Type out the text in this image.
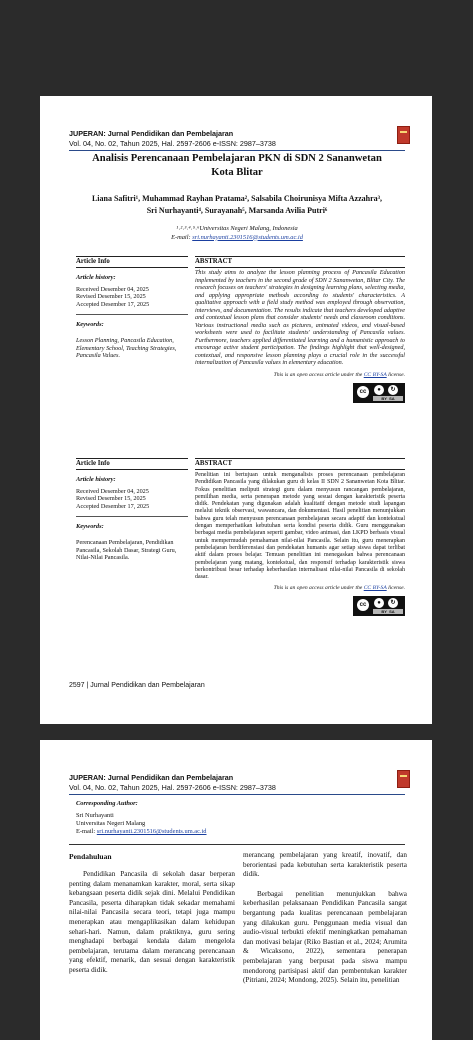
JUPERAN: Jurnal Pendidikan dan Pembelajaran
Vol. 04, No. 02, Tahun 2025, Hal. 2597-2606 e-ISSN: 2987–3738
Analisis Perencanaan Pembelajaran PKN di SDN 2 Sananwetan Kota Blitar
Liana Safitri¹, Muhammad Rayhan Pratama², Salsabila Choirunisya Mifta Azzahra³,
Sri Nurhayanti⁴, Surayanah⁵, Marsanda Avilia Putri⁶
¹˒²˒³˒⁴˒⁵˒⁶Universitas Negeri Malang, Indonesia
E-mail: sri.nurhayanti.2301516@students.um.ac.id
Article Info
Article history:
Received Desember 04, 2025
Revised Desember 15, 2025
Accepted Desember 17, 2025
Keywords:
Lesson Planning, Pancasila Education, Elementary School, Teaching Strategies, Pancasila Values.
ABSTRACT
This study aims to analyze the lesson planning process of Pancasila Education implemented by teachers in the second grade of SDN 2 Sananwetan, Blitar City. The research focuses on teachers' strategies in designing learning plans, selecting media, and applying appropriate methods according to students' characteristics. A qualitative approach with a field study method was employed through observation, interviews, and documentation. The results indicate that teachers developed adaptive and contextual lesson plans that consider students' needs and classroom conditions. Various instructional media such as pictures, animated videos, and visual-based worksheets were used to facilitate students' understanding of Pancasila values. Furthermore, teachers applied differentiated learning and a humanistic approach to encourage active student participation. The findings highlight that well-designed, contextual, and responsive lesson planning plays a crucial role in the successful internalization of Pancasila values in elementary education.
This is an open access article under the CC BY-SA license.
cc	●	↻
BY SA
Article Info
Article history:
Received Desember 04, 2025
Revised Desember 15, 2025
Accepted Desember 17, 2025
Keywords:
Perencanaan Pembelajaran, Pendidikan Pancasila, Sekolah Dasar, Strategi Guru, Nilai-Nilai Pancasila.
ABSTRACT
Penelitian ini bertujuan untuk menganalisis proses perencanaan pembelajaran Pendidikan Pancasila yang dilakukan guru di kelas II SDN 2 Sananwetan Kota Blitar. Fokus penelitian meliputi strategi guru dalam menyusun rancangan pembelajaran, pemilihan media, serta penerapan metode yang sesuai dengan karakteristik peserta didik. Pendekatan yang digunakan adalah kualitatif dengan metode studi lapangan melalui teknik observasi, wawancara, dan dokumentasi. Hasil penelitian menunjukkan bahwa guru telah menyusun perencanaan pembelajaran secara adaptif dan kontekstual dengan memperhatikan kebutuhan serta kondisi peserta didik. Guru menggunakan berbagai media pembelajaran seperti gambar, video animasi, dan LKPD berbasis visual untuk mempermudah pemahaman nilai-nilai Pancasila. Selain itu, guru menerapkan pembelajaran berdiferensiasi dan pendekatan humanis agar setiap siswa dapat terlibat aktif dalam proses belajar. Temuan penelitian ini menegaskan bahwa perencanaan pembelajaran yang matang, kontekstual, dan responsif terhadap karakteristik siswa berkontribusi besar terhadap keberhasilan internalisasi nilai-nilai Pancasila di sekolah dasar.
This is an open access article under the CC BY-SA license.
cc	●	↻
BY SA
2597 | Jurnal Pendidikan dan Pembelajaran
JUPERAN: Jurnal Pendidikan dan Pembelajaran
Vol. 04, No. 02, Tahun 2025, Hal. 2597-2606 e-ISSN: 2987–3738
Corresponding Author:
Sri Nurhayanti
Universitas Negeri Malang
E-mail: sri.nurhayanti.2301516@students.um.ac.id
Pendahuluan
Pendidikan Pancasila di sekolah dasar berperan penting dalam menanamkan karakter, moral, serta sikap kebangsaan peserta didik sejak dini. Melalui Pendidikan Pancasila, peserta diharapkan tidak sekadar memahami nilai-nilai Pancasila secara teori, tetapi juga mampu menerapkan atau mengaplikasikan dalam kehidupan sehari-hari. Namun, dalam praktiknya, guru sering menghadapi berbagai kendala dalam mengelola pembelajaran, terutama dalam merancang perencanaan yang efektif, menarik, dan sesuai dengan karakteristik peserta didik.
merancang pembelajaran yang kreatif, inovatif, dan berorientasi pada kebutuhan serta karakteristik peserta didik.
Berbagai penelitian menunjukkan bahwa keberhasilan pelaksanaan Pendidikan Pancasila sangat bergantung pada kualitas perencanaan pembelajaran yang dilakukan guru. Penggunaan media visual dan audio-visual terbukti efektif meningkatkan pemahaman dan motivasi belajar (Riko Bastian et al., 2024; Arumita & Wicaksono, 2022), sementara penerapan pembelajaran yang berpusat pada siswa mampu mendorong partisipasi aktif dan pembentukan karakter (Pitriani, 2024; Mondong, 2025). Selain itu, penelitian
